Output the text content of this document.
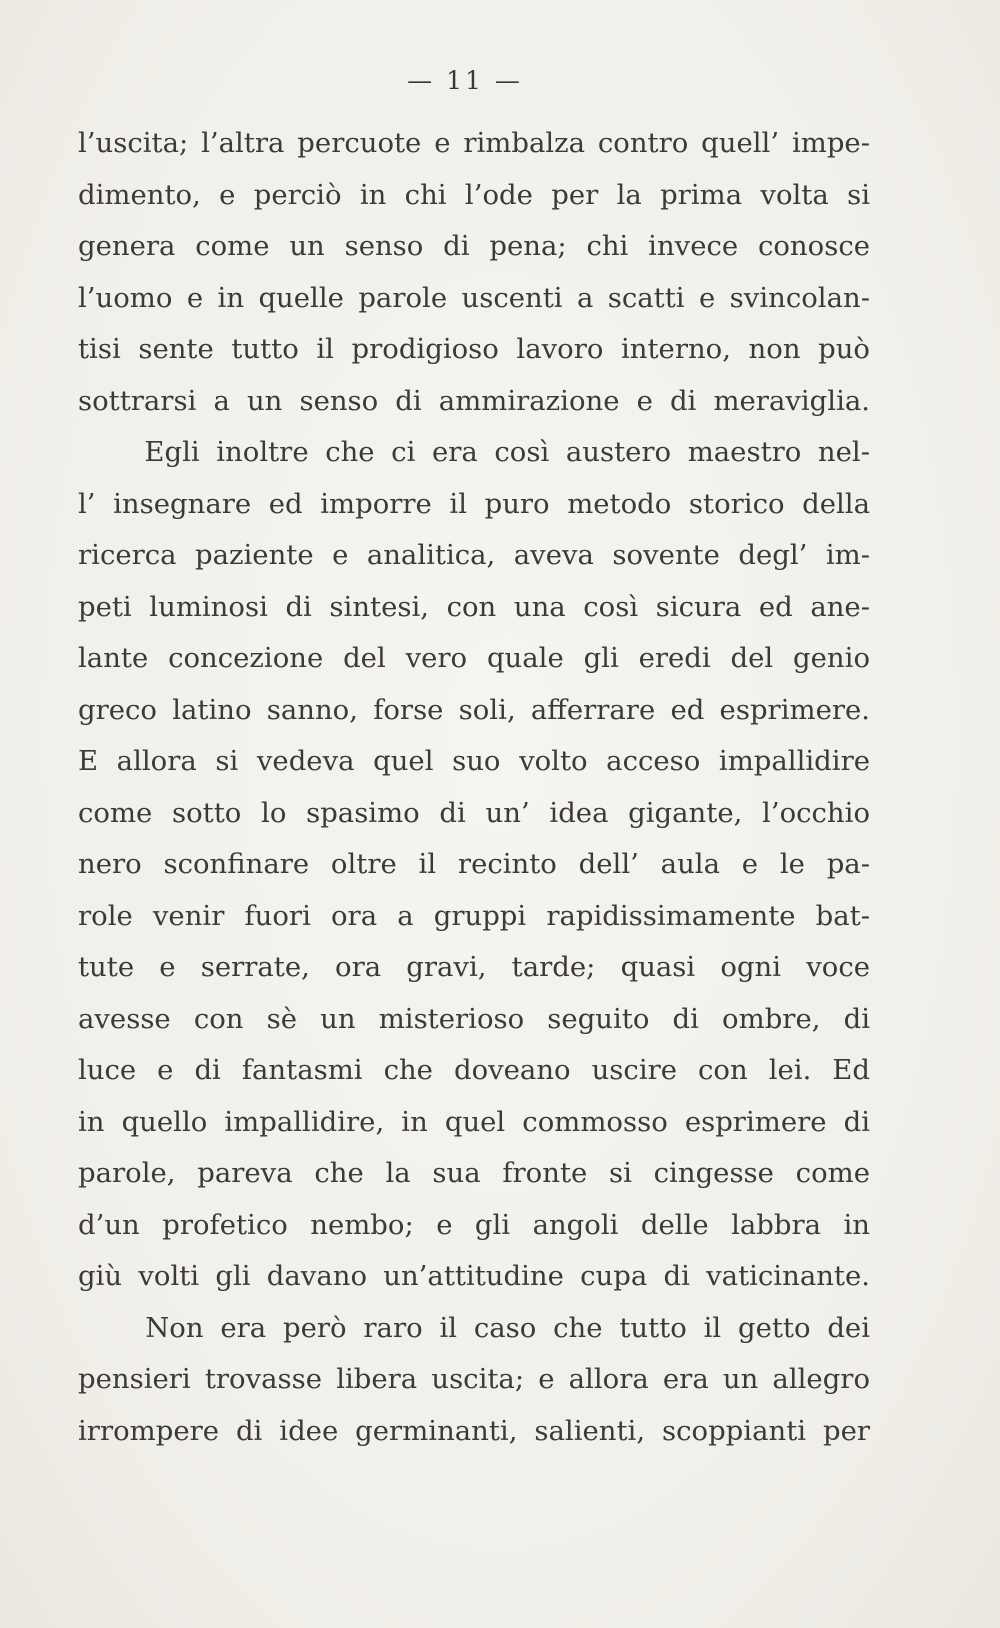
— 11 —
l’uscita; l’altra percuote e rimbalza contro quell’ impe-
dimento, e perciò in chi l’ode per la prima volta si
genera come un senso di pena; chi invece conosce
l’uomo e in quelle parole uscenti a scatti e svincolan-
tisi sente tutto il prodigioso lavoro interno, non può
sottrarsi a un senso di ammirazione e di meraviglia.
Egli inoltre che ci era così austero maestro nel-
l’ insegnare ed imporre il puro metodo storico della
ricerca paziente e analitica, aveva sovente degl’ im-
peti luminosi di sintesi, con una così sicura ed ane-
lante concezione del vero quale gli eredi del genio
greco latino sanno, forse soli, afferrare ed esprimere.
E allora si vedeva quel suo volto acceso impallidire
come sotto lo spasimo di un’ idea gigante, l’occhio
nero sconfinare oltre il recinto dell’ aula e le pa-
role venir fuori ora a gruppi rapidissimamente bat-
tute e serrate, ora gravi, tarde; quasi ogni voce
avesse con sè un misterioso seguito di ombre, di
luce e di fantasmi che doveano uscire con lei. Ed
in quello impallidire, in quel commosso esprimere di
parole, pareva che la sua fronte si cingesse come
d’un profetico nembo; e gli angoli delle labbra in
giù volti gli davano un’attitudine cupa di vaticinante.
Non era però raro il caso che tutto il getto dei
pensieri trovasse libera uscita; e allora era un allegro
irrompere di idee germinanti, salienti, scoppianti per
